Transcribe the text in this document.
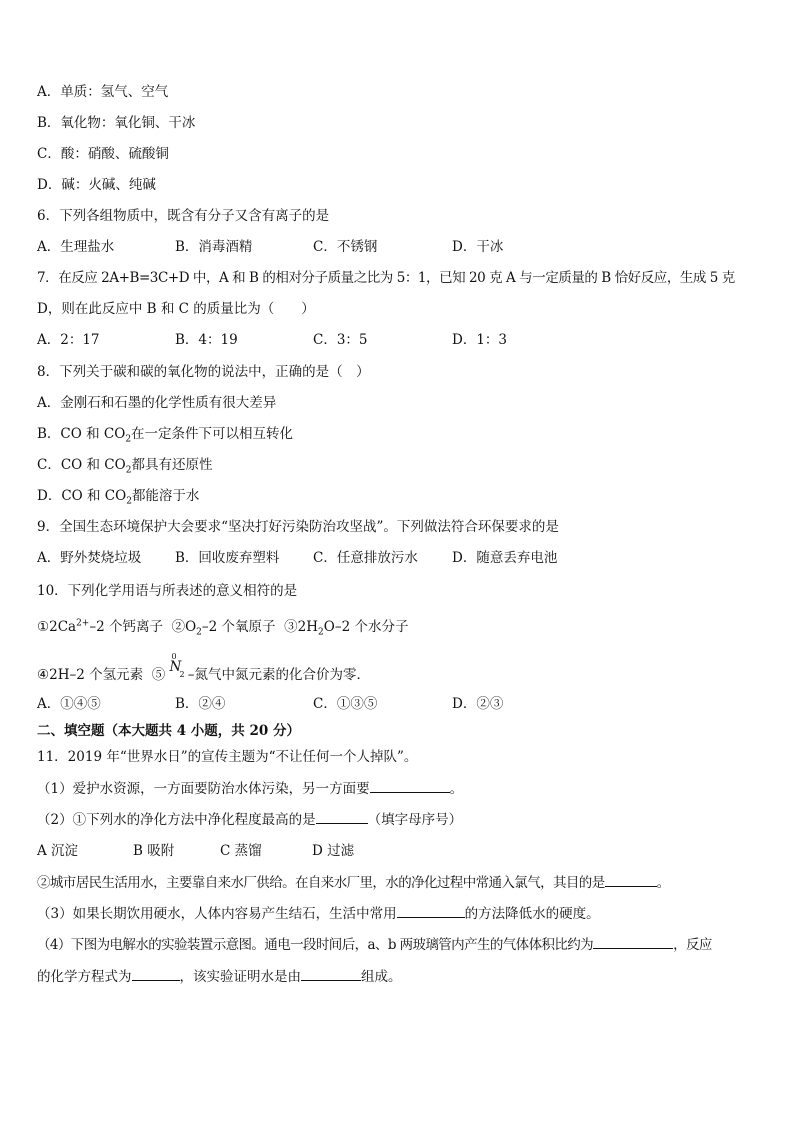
A．单质：氢气、空气
B．氧化物：氧化铜、干冰
C．酸：硝酸、硫酸铜
D．碱：火碱、纯碱
6．下列各组物质中，既含有分子又含有离子的是
A．生理盐水	B．消毒酒精	C．不锈钢	D．干冰
7．在反应 2A+B=3C+D 中，A 和 B 的相对分子质量之比为 5：1，已知 20 克 A 与一定质量的 B 恰好反应，生成 5 克
D，则在此反应中 B 和 C 的质量比为（　　）
A．2：17	B．4：19	C．3：5	D．1：3
8．下列关于碳和碳的氧化物的说法中，正确的是（　）
A．金刚石和石墨的化学性质有很大差异
B．CO 和 $CO_2$在一定条件下可以相互转化
C．CO 和 $CO_2$都具有还原性
D．CO 和 $CO_2$都能溶于水
9．全国生态环境保护大会要求“坚决打好污染防治攻坚战”。下列做法符合环保要求的是
A．野外焚烧垃圾	B．回收废弃塑料 C．任意排放污水	D．随意丢弃电池
10．下列化学用语与所表述的意义相符的是
$①2Ca^{2+}-2$ 个钙离子 $②O_2-2$ 个氧原子 $③2H_2O-2$ 个水分子
④2H–2 个氢元素 ⑤
0
N
2 –氮气中氮元素的化合价为零．
A．①④⑤	B．②④	C．①③⑤	D．②③
二、填空题（本大题共 4 小题，共 20 分）
11．2019 年“世界水日”的宣传主题为“不让任何一个人掉队”。
（1）爱护水资源，一方面要防治水体污染，另一方面要	。
（2）①下列水的净化方法中净化程度最高的是	（填字母序号）
A 沉淀	B 吸附	C 蒸馏	D 过滤
②城市居民生活用水，主要靠自来水厂供给。在自来水厂里，水的净化过程中常通入氯气，其目的是	。
（3）如果长期饮用硬水，人体内容易产生结石，生活中常用	的方法降低水的硬度。
（4）下图为电解水的实验装置示意图。通电一段时间后，a、b 两玻璃管内产生的气体体积比约为	，反应
的化学方程式为	，该实验证明水是由	组成。
